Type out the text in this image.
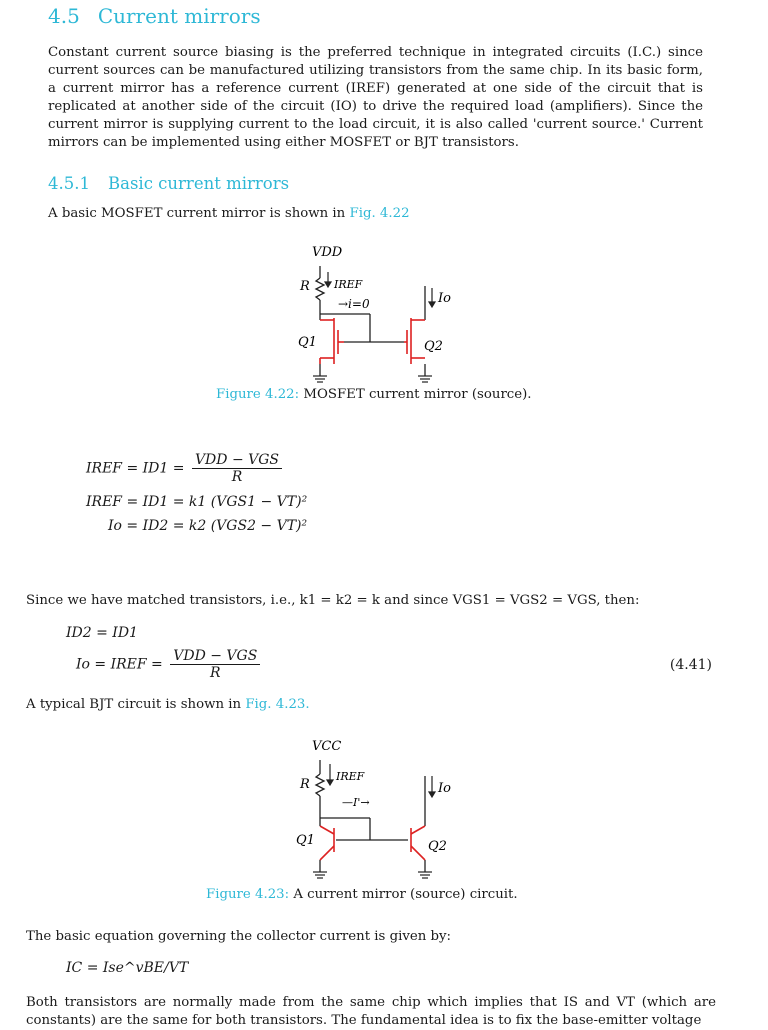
4.5 Current mirrors

Constant current source biasing is the preferred technique in integrated circuits (I.C.) since current sources can be manufactured utilizing transistors from the same chip. In its basic form, a current mirror has a reference current (IREF) generated at one side of the circuit that is replicated at another side of the circuit (IO) to drive the required load (amplifiers). Since the current mirror is supplying current to the load circuit, it is also called 'current source.' Current mirrors can be implemented using either MOSFET or BJT transistors.

4.5.1 Basic current mirrors

A basic MOSFET current mirror is shown in Fig. 4.22

VDD
R IREF
→i=0	Io
Q1	Q2
Figure 4.22: MOSFET current mirror (source).
IREF = $ID1 = \frac{\text{VDD − VGS}}{R}$
IREF = ID1 = k1 (VGS1 − VT)²
Io = ID2 = k2 (VGS2 − VT)²

Since we have matched transistors, i.e., k1 = k2 = k and since VGS1 = VGS2 = VGS, then:

ID2 = ID1
Io = IREF = $\frac{\text{VDD − VGS}}{R}$	(4.41)

A typical BJT circuit is shown in Fig. 4.23.

VCC
R
IREF
—I'→
Io
Q1	Q2
Figure 4.23: A current mirror (source) circuit.

The basic equation governing the collector current is given by:

IC = Ise^vBE/VT

Both transistors are normally made from the same chip which implies that IS and VT (which are constants) are the same for both transistors. The fundamental idea is to fix the base-emitter voltage
